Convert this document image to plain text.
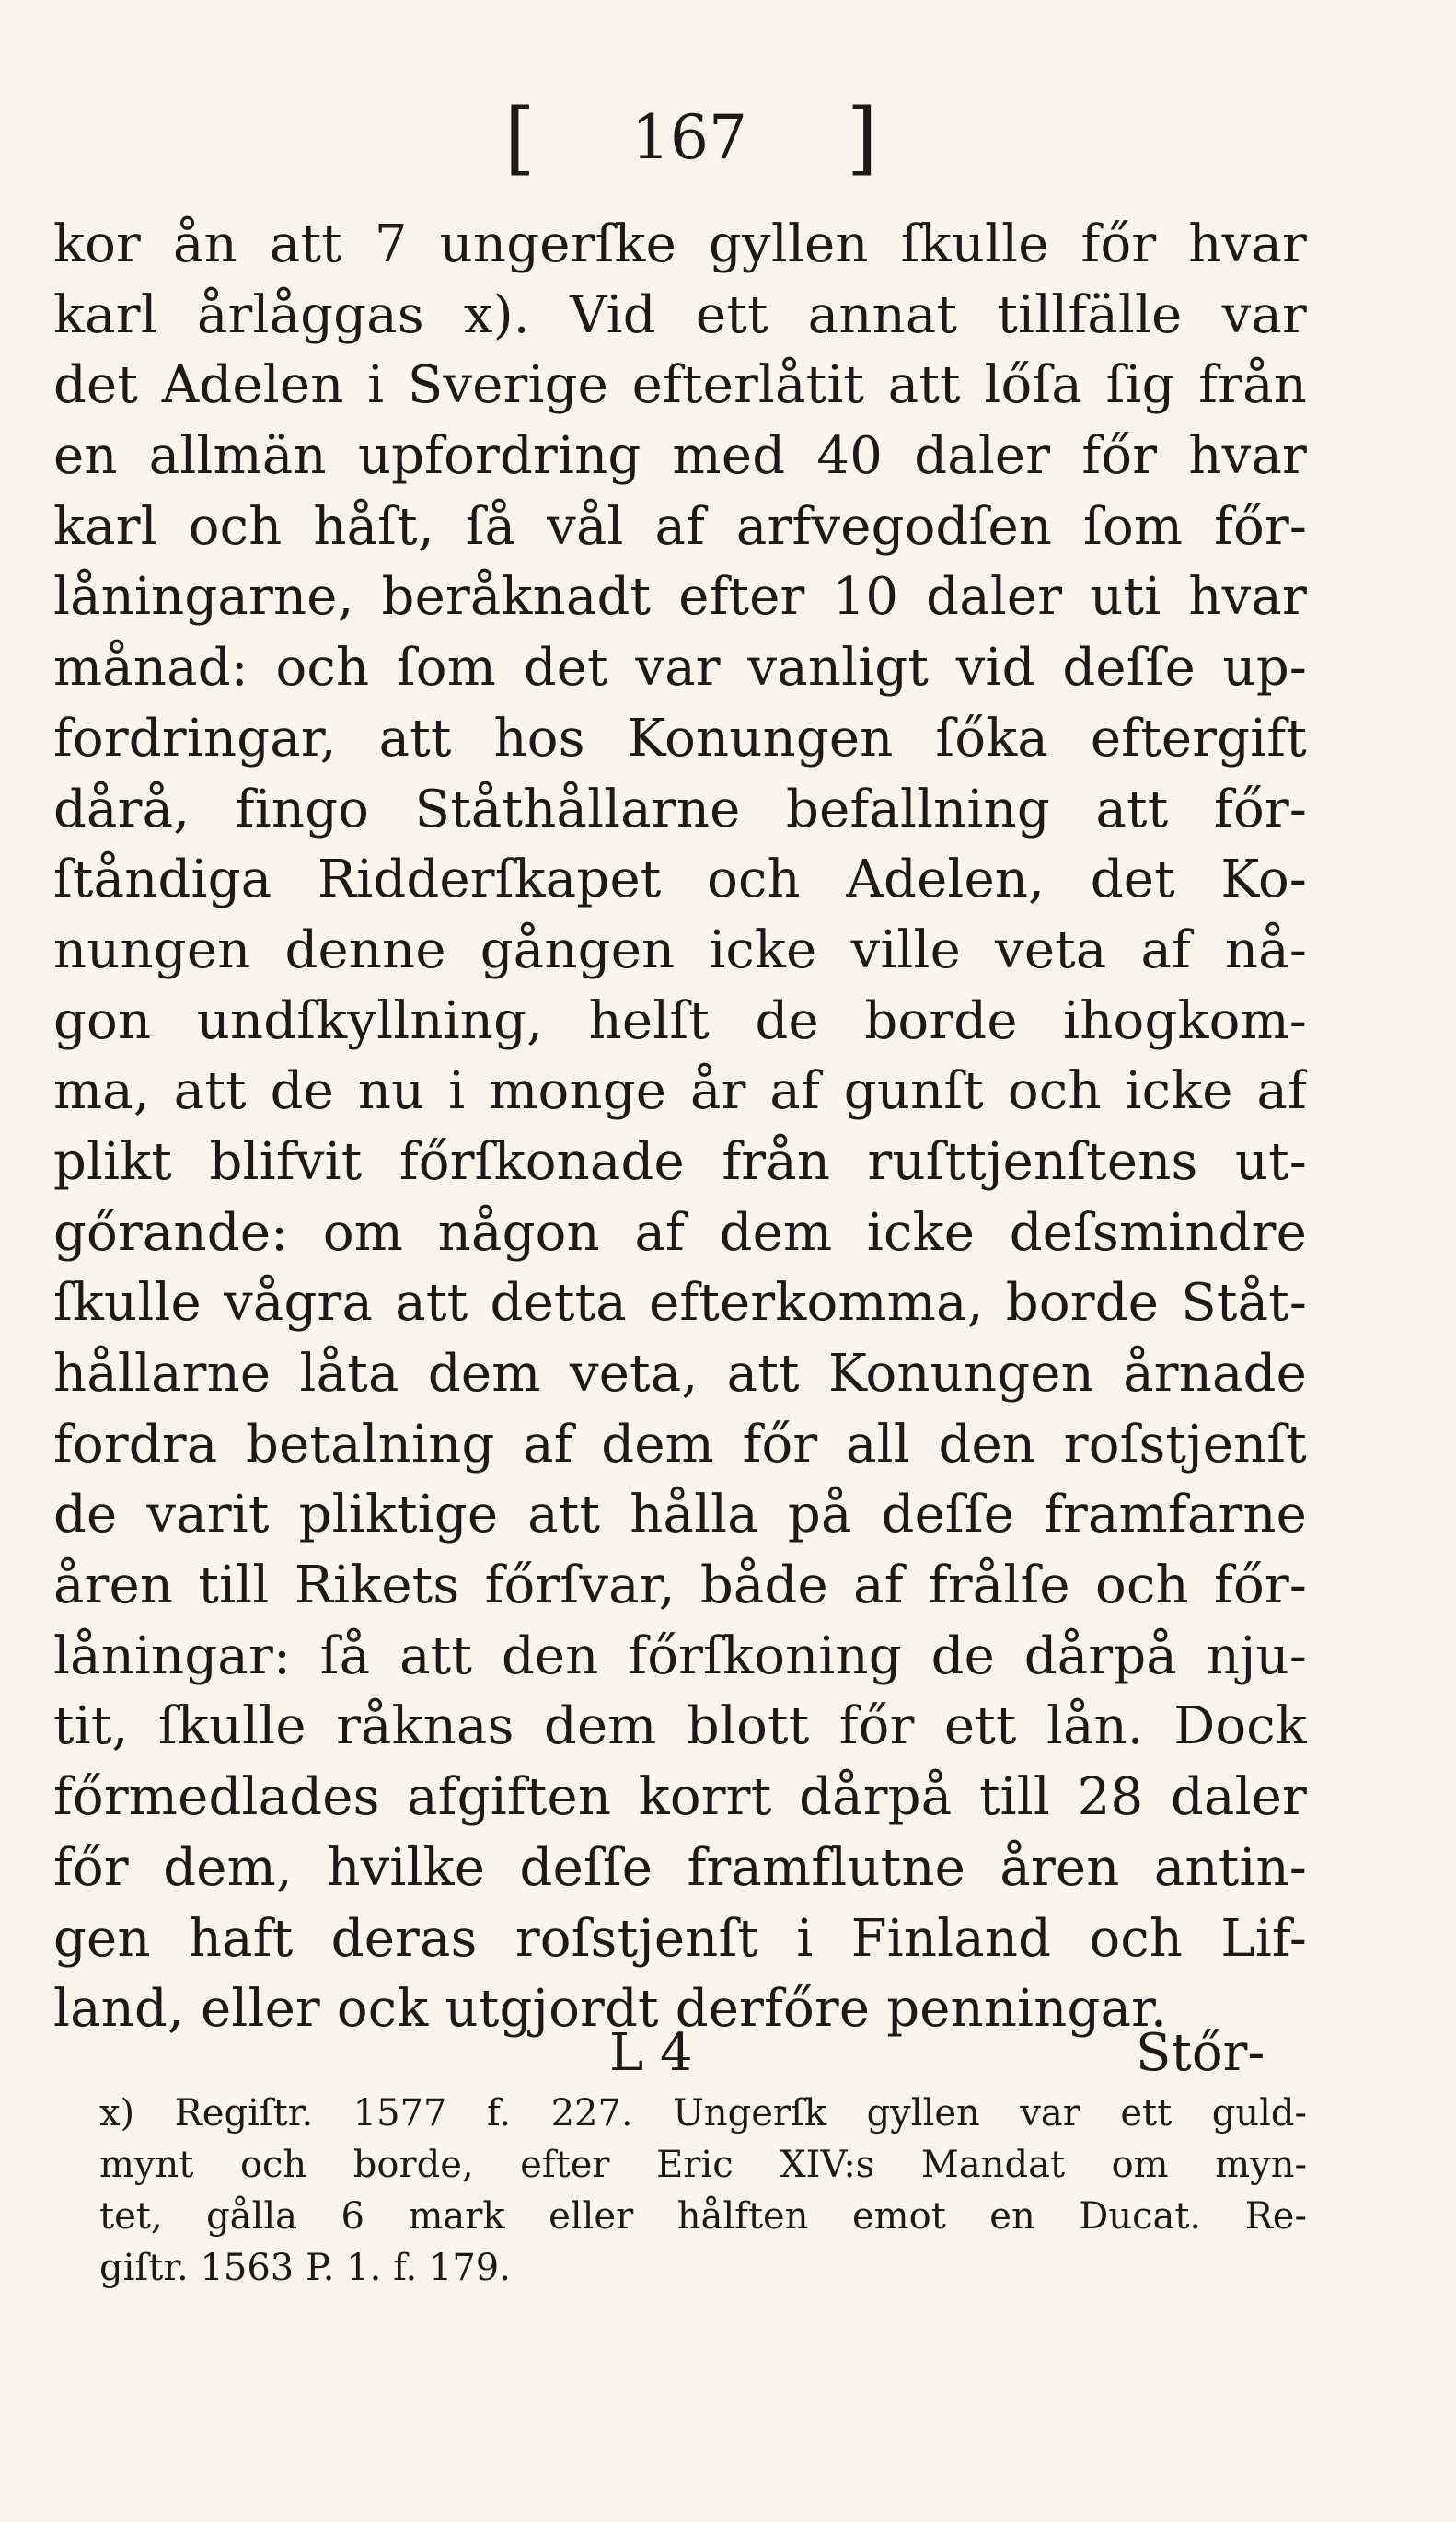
[ 167 ]
kor ån att 7 ungerſke gyllen ſkulle főr hvar
karl årlåggas x). Vid ett annat tillfälle var
det Adelen i Sverige efterlåtit att lőſa ſig från
en allmän upfordring med 40 daler főr hvar
karl och håſt, ſå vål af arfvegodſen ſom főr-
låningarne, beråknadt efter 10 daler uti hvar
månad: och ſom det var vanligt vid deſſe up-
fordringar, att hos Konungen ſőka eftergift
dårå, fingo Ståthållarne befallning att főr-
ſtåndiga Ridderſkapet och Adelen, det Ko-
nungen denne gången icke ville veta af nå-
gon undſkyllning, helſt de borde ihogkom-
ma, att de nu i monge år af gunſt och icke af
plikt blifvit főrſkonade från ruſttjenſtens ut-
gőrande: om någon af dem icke deſsmindre
ſkulle vågra att detta efterkomma, borde Ståt-
hållarne låta dem veta, att Konungen årnade
fordra betalning af dem főr all den roſstjenſt
de varit pliktige att hålla på deſſe framfarne
åren till Rikets főrſvar, både af frålſe och főr-
låningar: ſå att den főrſkoning de dårpå nju-
tit, ſkulle råknas dem blott főr ett lån. Dock
főrmedlades afgiften korrt dårpå till 28 daler
főr dem, hvilke deſſe framflutne åren antin-
gen haft deras roſstjenſt i Finland och Lif-
land, eller ock utgjordt derfőre penningar.
L 4	Stőr-
x) Regiſtr. 1577 f. 227. Ungerſk gyllen var ett guld-
mynt och borde, efter Eric XIV:s Mandat om myn-
tet, gålla 6 mark eller hålften emot en Ducat. Re-
giſtr. 1563 P. 1. f. 179.
